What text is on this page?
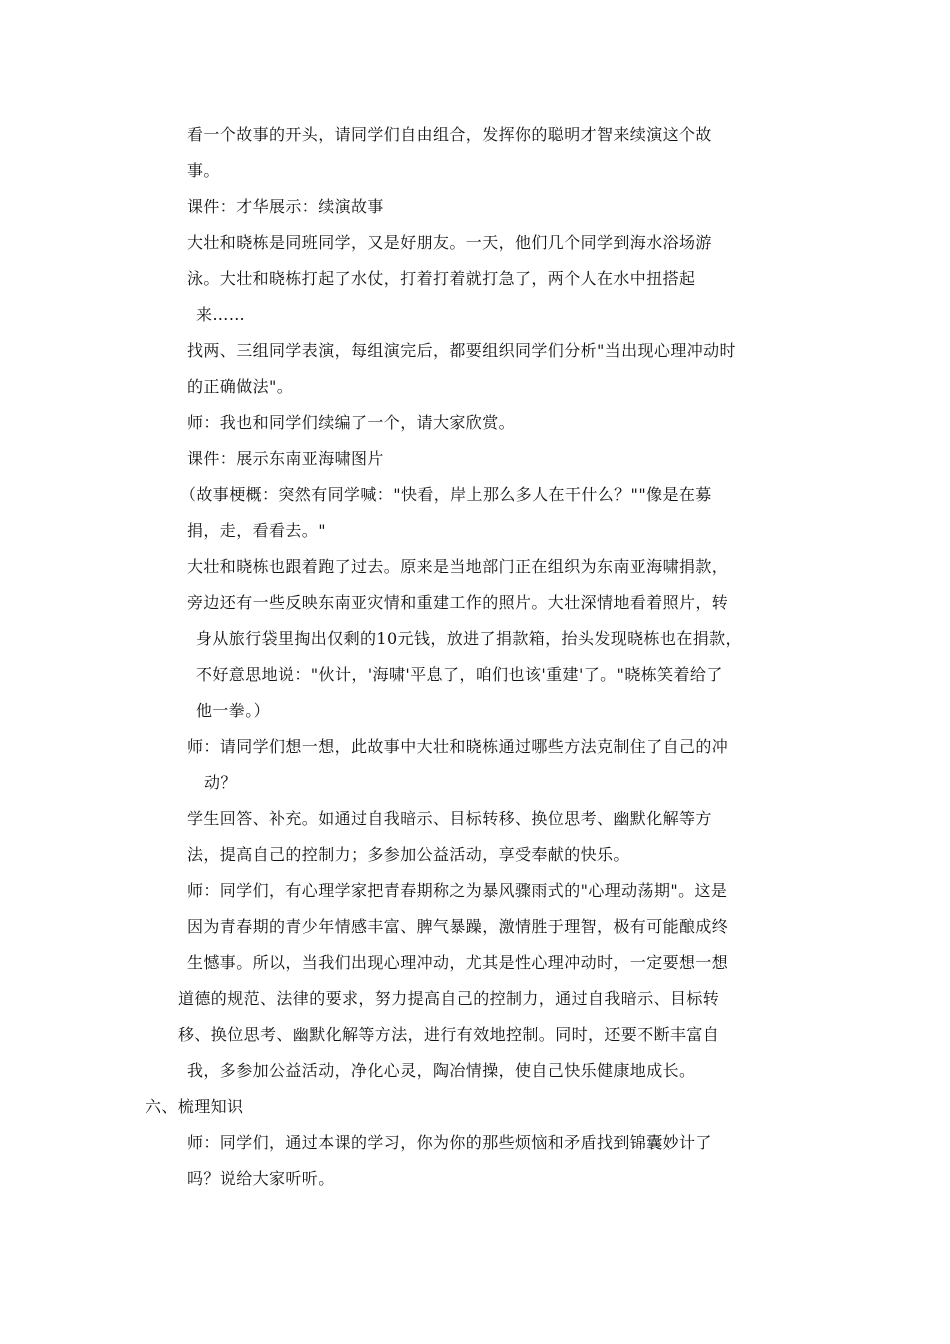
看一个故事的开头，请同学们自由组合，发挥你的聪明才智来续演这个故

事。

课件：才华展示：续演故事

大壮和晓栋是同班同学，又是好朋友。一天，他们几个同学到海水浴场游

泳。大壮和晓栋打起了水仗，打着打着就打急了，两个人在水中扭搭起

来……

找两、三组同学表演，每组演完后，都要组织同学们分析"当出现心理冲动时

的正确做法"。

师：我也和同学们续编了一个，请大家欣赏。

课件：展示东南亚海啸图片

（故事梗概：突然有同学喊："快看，岸上那么多人在干什么？""像是在募

捐，走，看看去。"

大壮和晓栋也跟着跑了过去。原来是当地部门正在组织为东南亚海啸捐款，

旁边还有一些反映东南亚灾情和重建工作的照片。大壮深情地看着照片，转

身从旅行袋里掏出仅剩的10元钱，放进了捐款箱，抬头发现晓栋也在捐款，

不好意思地说："伙计，'海啸'平息了，咱们也该'重建'了。"晓栋笑着给了

他一拳。）

师：请同学们想一想，此故事中大壮和晓栋通过哪些方法克制住了自己的冲

动？

学生回答、补充。如通过自我暗示、目标转移、换位思考、幽默化解等方

法，提高自己的控制力；多参加公益活动，享受奉献的快乐。

师：同学们，有心理学家把青春期称之为暴风骤雨式的"心理动荡期"。这是

因为青春期的青少年情感丰富、脾气暴躁，激情胜于理智，极有可能酿成终

生憾事。所以，当我们出现心理冲动，尤其是性心理冲动时，一定要想一想

道德的规范、法律的要求，努力提高自己的控制力，通过自我暗示、目标转

移、换位思考、幽默化解等方法，进行有效地控制。同时，还要不断丰富自

我，多参加公益活动，净化心灵，陶冶情操，使自己快乐健康地成长。

六、梳理知识

师：同学们，通过本课的学习，你为你的那些烦恼和矛盾找到锦囊妙计了

吗？说给大家听听。
